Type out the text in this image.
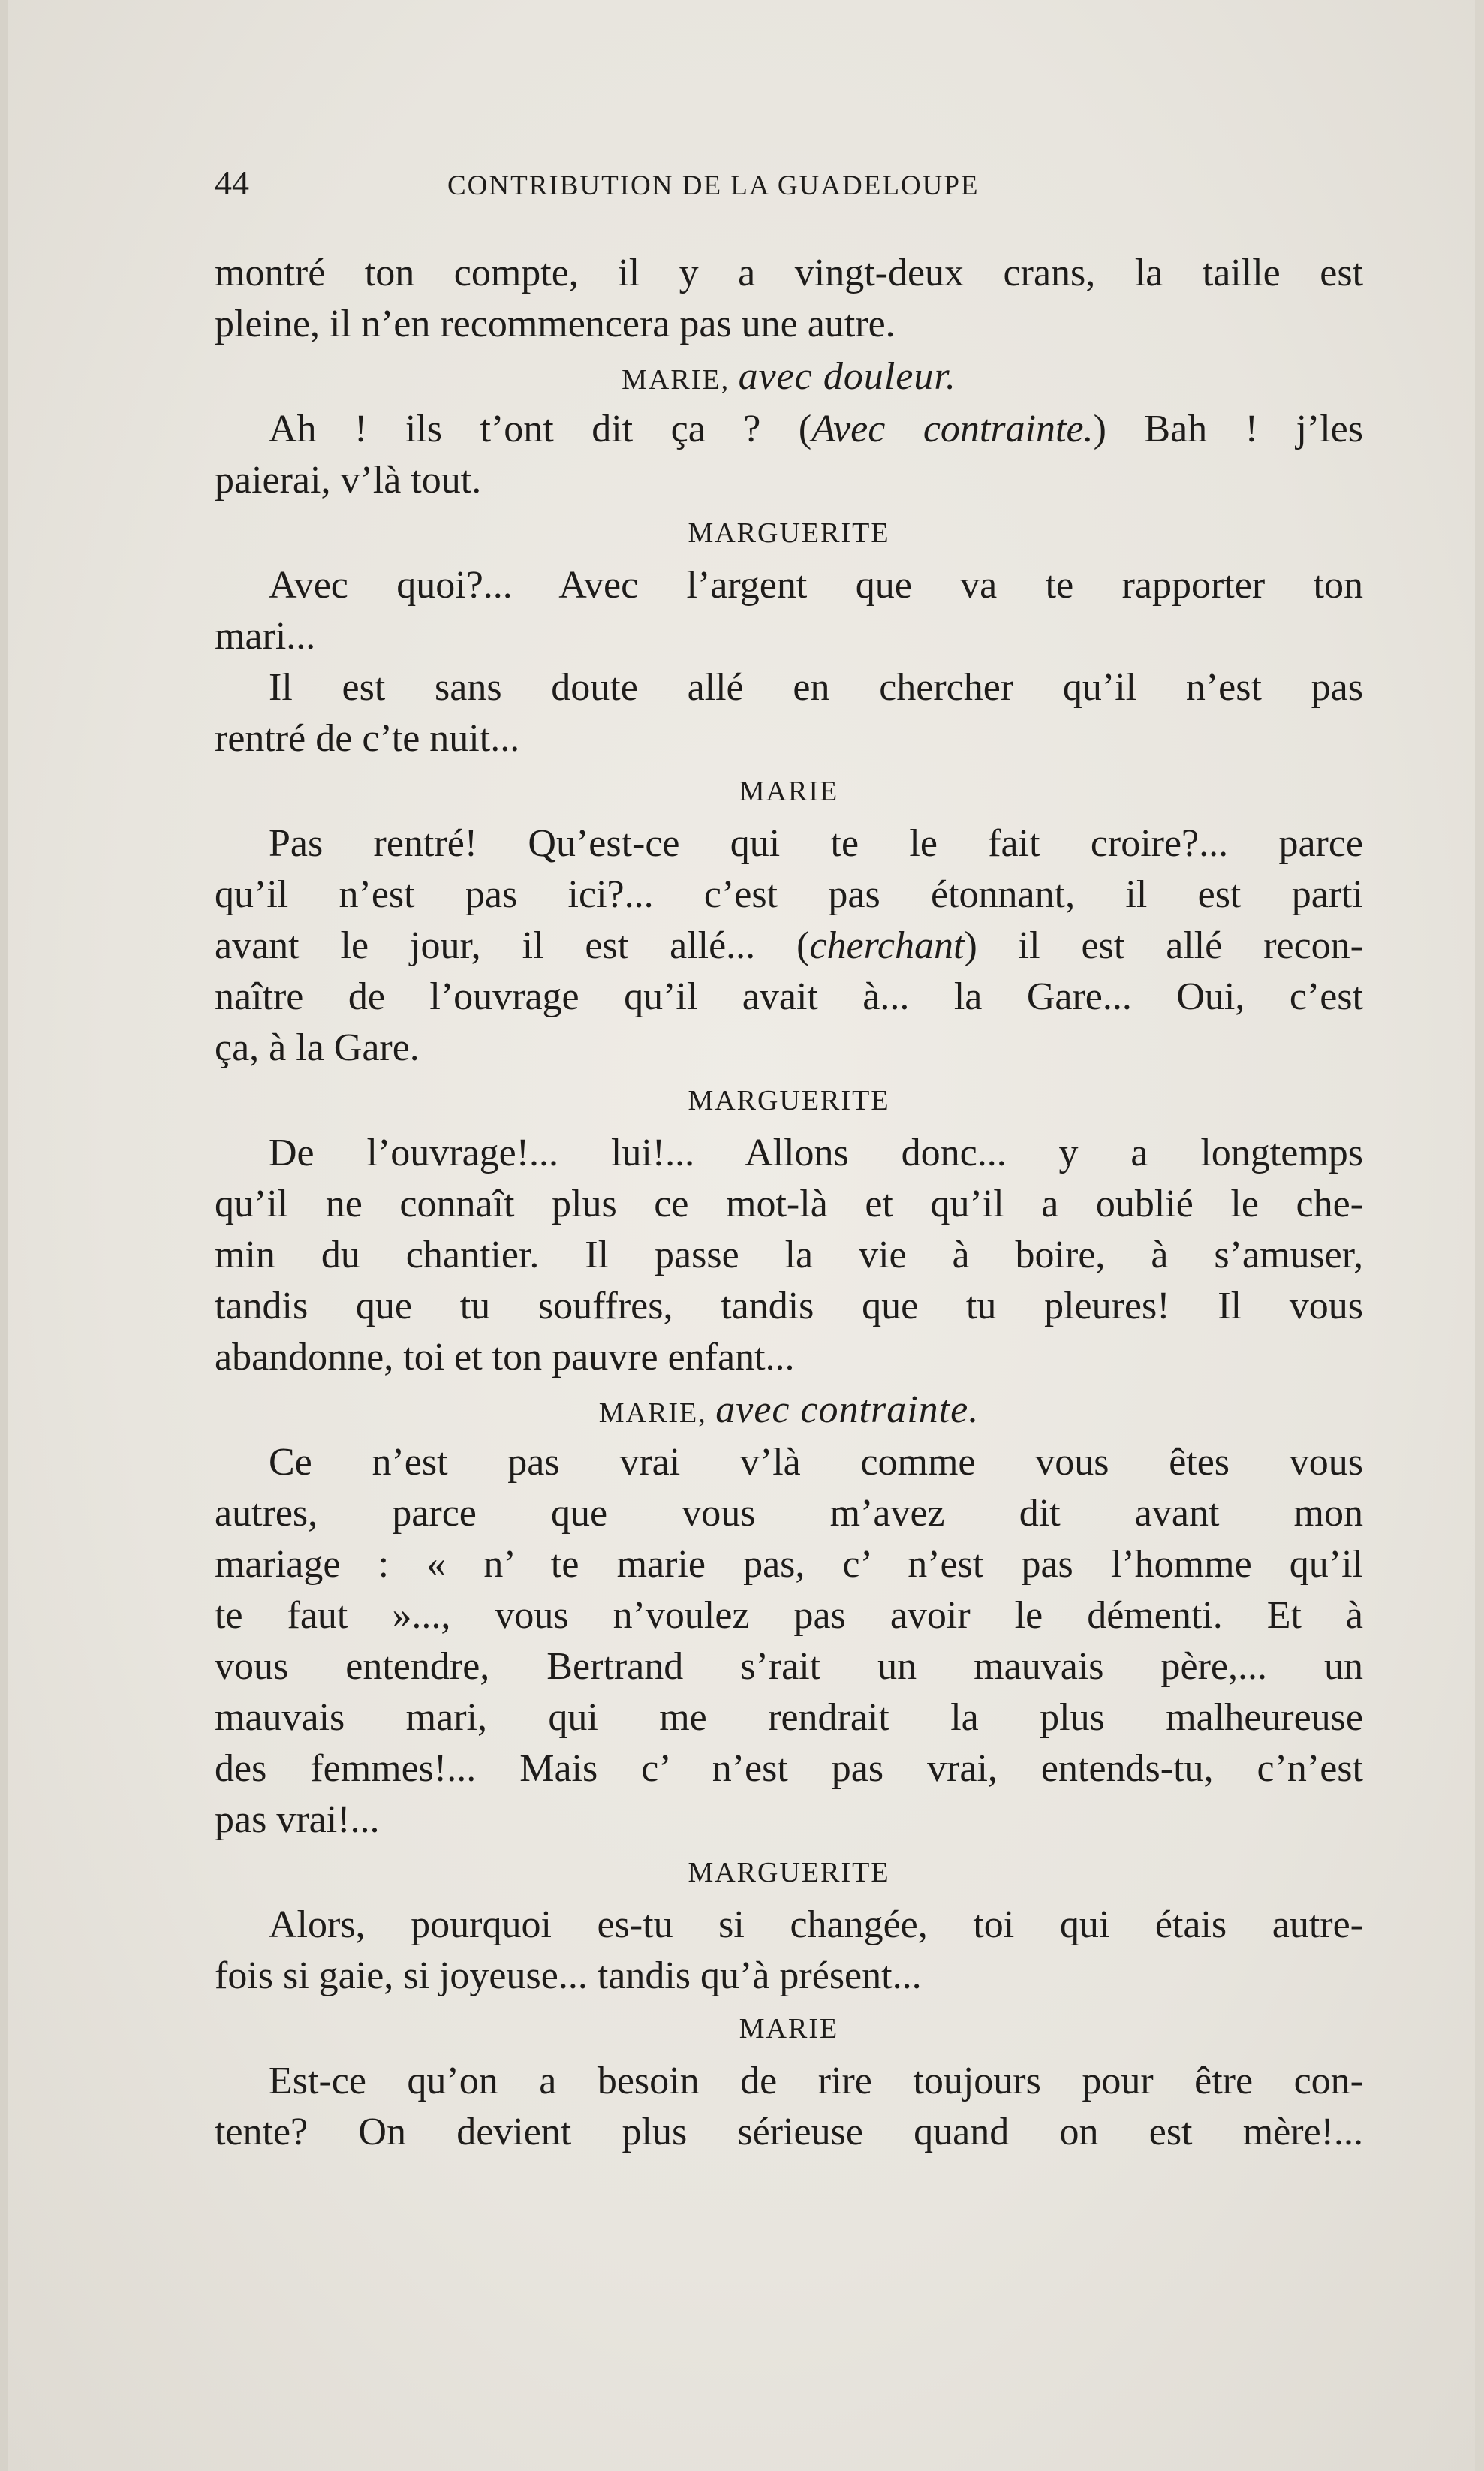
44	CONTRIBUTION DE LA GUADELOUPE
montré ton compte, il y a vingt-deux crans, la taille est
pleine, il n’en recommencera pas une autre.
MARIE, avec douleur.
Ah ! ils t’ont dit ça ? (Avec contrainte.) Bah ! j’les
paierai, v’là tout.
MARGUERITE
Avec quoi?... Avec l’argent que va te rapporter ton
mari...
Il est sans doute allé en chercher qu’il n’est pas
rentré de c’te nuit...
MARIE
Pas rentré! Qu’est-ce qui te le fait croire?... parce
qu’il n’est pas ici?... c’est pas étonnant, il est parti
avant le jour, il est allé... (cherchant) il est allé recon-
naître de l’ouvrage qu’il avait à... la Gare... Oui, c’est
ça, à la Gare.
MARGUERITE
De l’ouvrage!... lui!... Allons donc... y a longtemps
qu’il ne connaît plus ce mot-là et qu’il a oublié le che-
min du chantier. Il passe la vie à boire, à s’amuser,
tandis que tu souffres, tandis que tu pleures! Il vous
abandonne, toi et ton pauvre enfant...
MARIE, avec contrainte.
Ce n’est pas vrai v’là comme vous êtes vous
autres, parce que vous m’avez dit avant mon
mariage : « n’ te marie pas, c’ n’est pas l’homme qu’il
te faut »..., vous n’voulez pas avoir le démenti. Et à
vous entendre, Bertrand s’rait un mauvais père,... un
mauvais mari, qui me rendrait la plus malheureuse
des femmes!... Mais c’ n’est pas vrai, entends-tu, c’n’est
pas vrai!...
MARGUERITE
Alors, pourquoi es-tu si changée, toi qui étais autre-
fois si gaie, si joyeuse... tandis qu’à présent...
MARIE
Est-ce qu’on a besoin de rire toujours pour être con-
tente? On devient plus sérieuse quand on est mère!...
